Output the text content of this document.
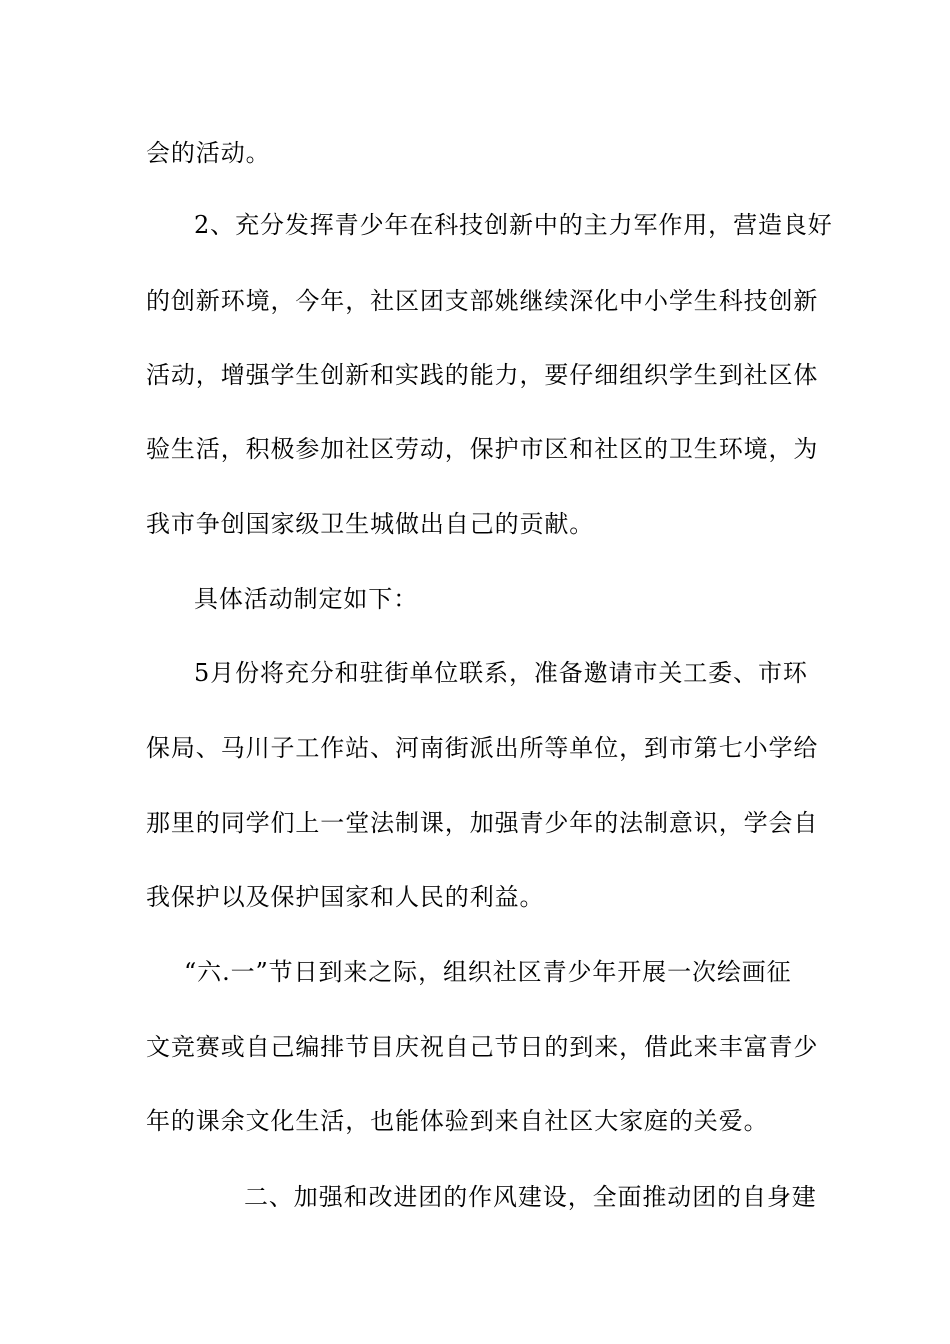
会的活动。
2、充分发挥青少年在科技创新中的主力军作用，营造良好
的创新环境，今年，社区团支部姚继续深化中小学生科技创新
活动，增强学生创新和实践的能力，要仔细组织学生到社区体
验生活，积极参加社区劳动，保护市区和社区的卫生环境，为
我市争创国家级卫生城做出自己的贡献。
具体活动制定如下：
5月份将充分和驻街单位联系，准备邀请市关工委、市环
保局、马川子工作站、河南街派出所等单位，到市第七小学给
那里的同学们上一堂法制课，加强青少年的法制意识，学会自
我保护以及保护国家和人民的利益。
“六.一”节日到来之际，组织社区青少年开展一次绘画征
文竞赛或自己编排节目庆祝自己节日的到来，借此来丰富青少
年的课余文化生活，也能体验到来自社区大家庭的关爱。
二、加强和改进团的作风建设，全面推动团的自身建
